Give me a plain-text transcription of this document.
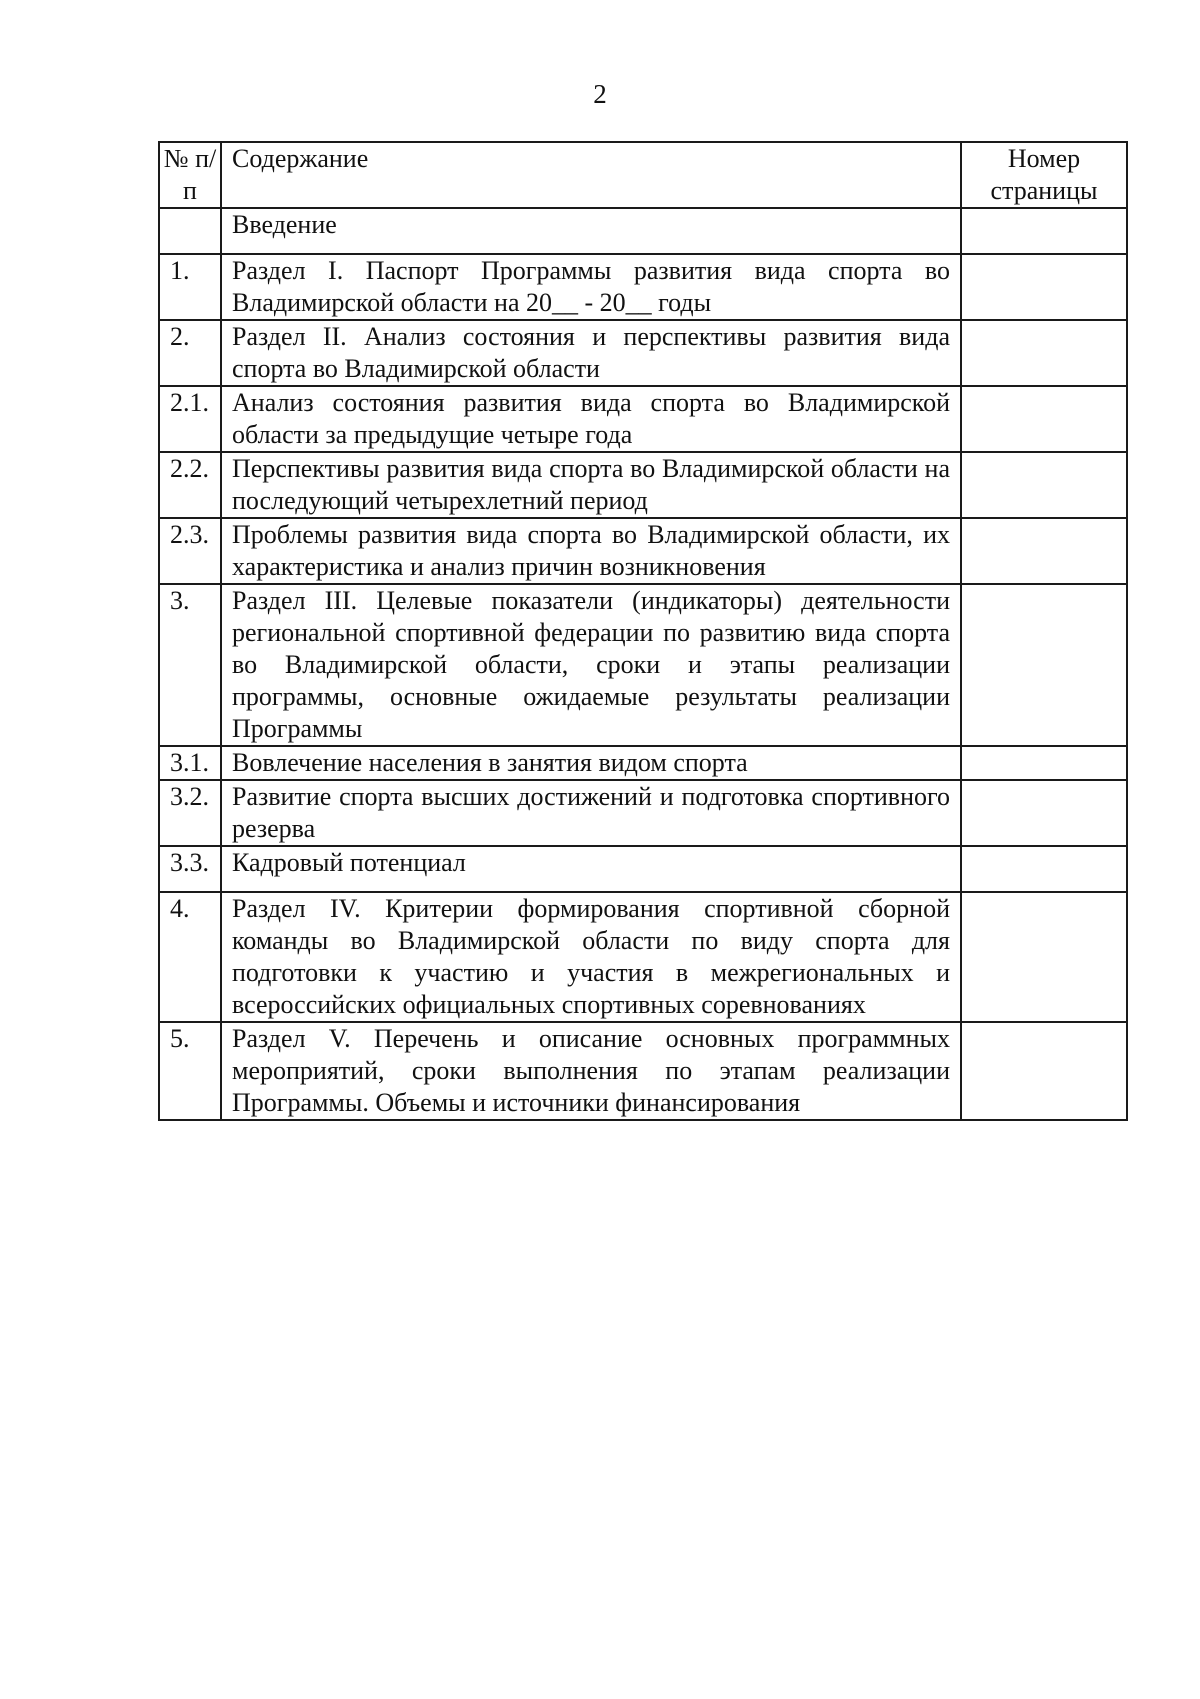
2
№ п/п	Содержание	Номер страницы
	Введение	
1.	Раздел I. Паспорт Программы развития вида спорта во Владимирской области на 20__ - 20__ годы	
2.	Раздел II. Анализ состояния и перспективы развития вида спорта во Владимирской области	
2.1.	Анализ состояния развития вида спорта во Владимирской области за предыдущие четыре года	
2.2.	Перспективы развития вида спорта во Владимирской области на последующий четырехлетний период	
2.3.	Проблемы развития вида спорта во Владимирской области, их характеристика и анализ причин возникновения	
3.	Раздел III. Целевые показатели (индикаторы) деятельности региональной спортивной федерации по развитию вида спорта во Владимирской области, сроки и этапы реализации программы, основные ожидаемые результаты реализации Программы	
3.1.	Вовлечение населения в занятия видом спорта	
3.2.	Развитие спорта высших достижений и подготовка спортивного резерва	
3.3.	Кадровый потенциал	
4.	Раздел IV. Критерии формирования спортивной сборной команды во Владимирской области по виду спорта для подготовки к участию и участия в межрегиональных и всероссийских официальных спортивных соревнованиях	
5.	Раздел V. Перечень и описание основных программных мероприятий, сроки выполнения по этапам реализации Программы. Объемы и источники финансирования	
